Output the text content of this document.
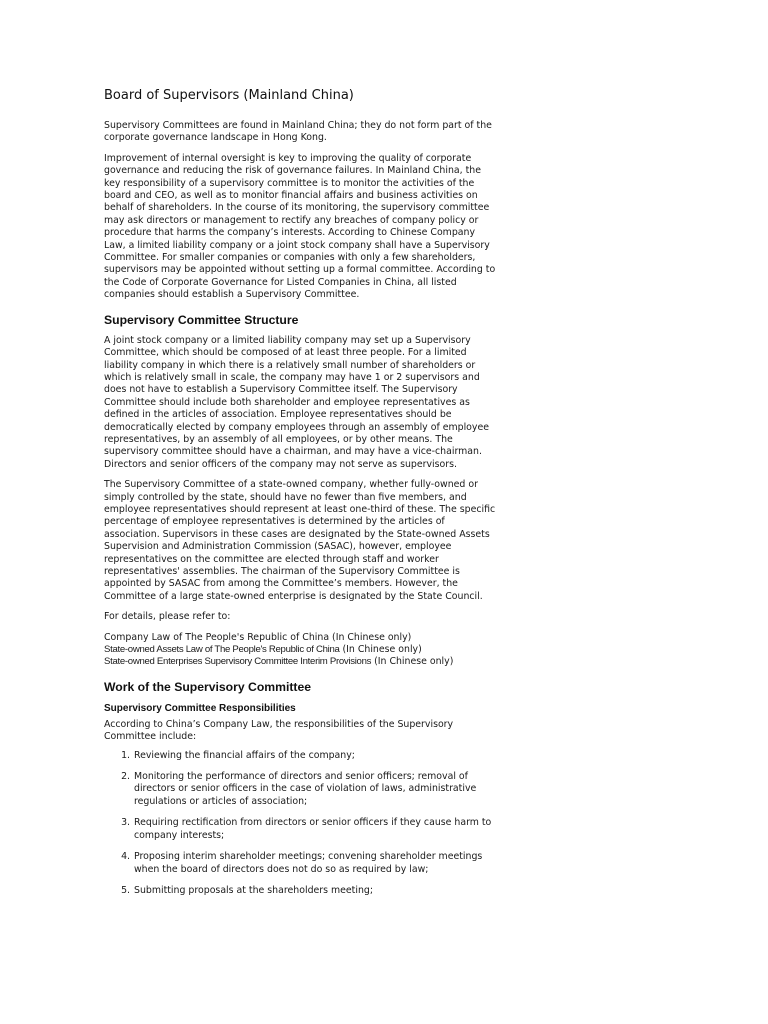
Board of Supervisors (Mainland China)

Supervisory Committees are found in Mainland China; they do not form part of the corporate governance landscape in Hong Kong.

Improvement of internal oversight is key to improving the quality of corporate governance and reducing the risk of governance failures. In Mainland China, the key responsibility of a supervisory committee is to monitor the activities of the board and CEO, as well as to monitor financial affairs and business activities on behalf of shareholders. In the course of its monitoring, the supervisory committee may ask directors or management to rectify any breaches of company policy or procedure that harms the company’s interests. According to Chinese Company Law, a limited liability company or a joint stock company shall have a Supervisory Committee. For smaller companies or companies with only a few shareholders, supervisors may be appointed without setting up a formal committee. According to the Code of Corporate Governance for Listed Companies in China, all listed companies should establish a Supervisory Committee.

Supervisory Committee Structure

A joint stock company or a limited liability company may set up a Supervisory Committee, which should be composed of at least three people. For a limited liability company in which there is a relatively small number of shareholders or which is relatively small in scale, the company may have 1 or 2 supervisors and does not have to establish a Supervisory Committee itself. The Supervisory Committee should include both shareholder and employee representatives as defined in the articles of association. Employee representatives should be democratically elected by company employees through an assembly of employee representatives, by an assembly of all employees, or by other means. The supervisory committee should have a chairman, and may have a vice-chairman. Directors and senior officers of the company may not serve as supervisors.

The Supervisory Committee of a state-owned company, whether fully-owned or simply controlled by the state, should have no fewer than five members, and employee representatives should represent at least one-third of these. The specific percentage of employee representatives is determined by the articles of association. Supervisors in these cases are designated by the State-owned Assets Supervision and Administration Commission (SASAC), however, employee representatives on the committee are elected through staff and worker representatives' assemblies. The chairman of the Supervisory Committee is appointed by SASAC from among the Committee’s members. However, the Committee of a large state-owned enterprise is designated by the State Council.

For details, please refer to:

Company Law of The People's Republic of China (In Chinese only)
State-owned Assets Law of The People's Republic of China (In Chinese only)
State-owned Enterprises Supervisory Committee Interim Provisions (In Chinese only)
Work of the Supervisory Committee
Supervisory Committee Responsibilities

According to China’s Company Law, the responsibilities of the Supervisory Committee include:

1. Reviewing the financial affairs of the company;
2. Monitoring the performance of directors and senior officers; removal of directors or senior officers in the case of violation of laws, administrative regulations or articles of association;
3. Requiring rectification from directors or senior officers if they cause harm to company interests;
4. Proposing interim shareholder meetings; convening shareholder meetings when the board of directors does not do so as required by law;
5. Submitting proposals at the shareholders meeting;
